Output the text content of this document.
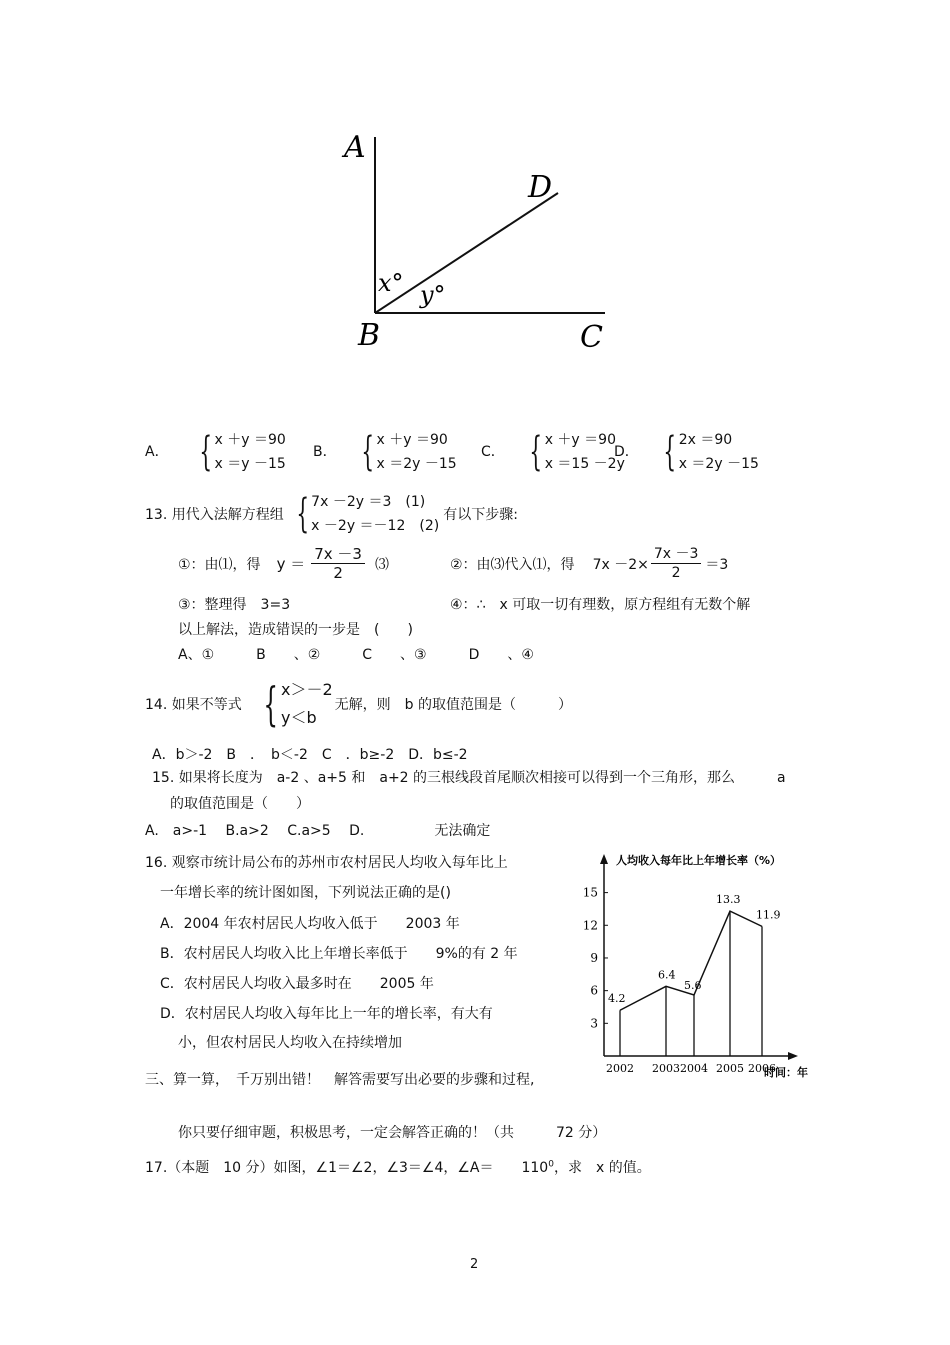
A
B	C
D
x° y°
A． { x ＋y ＝90
x ＝y －15
B． { x ＋y ＝90
x ＝2y －15
C． { x ＋y ＝90
x ＝15 －2y
D． { 2x ＝90
x ＝2y －15
13. 用代入法解方程组 { 7x －2y ＝3　(1)
x －2y ＝－12　(2)
有以下步骤:
①：由⑴，得 $y = \frac{7x -3}{2}$ ⑶	②：由⑶代入⑴，得 $7x -2\times \frac{7x -3}{2} =3$
③：整理得　3=3	④：∴　x 可取一切有理数，原方程组有无数个解
以上解法，造成错误的一步是　(　　)
A、①　　　B　　、②　　　C　　、③　　　D　　、④
14. 如果不等式 { x＞－2
y＜b
无解，则　b 的取值范围是（　　　）
A．b＞-2　B　．　b＜-2　C　．b≥-2　D．b≤-2
15. 如果将长度为　a-2 、a+5 和　a+2 的三根线段首尾顺次相接可以得到一个三角形，那么　　　a
的取值范围是（　　）
A.　a>-1　 B.a>2　 C.a>5　 D.　　　　　无法确定
16. 观察市统计局公布的苏州市农村居民人均收入每年比上
一年增长率的统计图如图，下列说法正确的是()
A．2004 年农村居民人均收入低于　　2003 年
B．农村居民人均收入比上年增长率低于　　9%的有 2 年
C．农村居民人均收入最多时在　　2005 年
D．农村居民人均收入每年比上一年的增长率，有大有
小，但农村居民人均收入在持续增加
人均收入每年比上年增长率（%）
时间：年
3
6
9
12
15
4.2
6.4
5.6
13.3
11.9
2002 2003 2004 2005 2006
三、算一算，　千万别出错！　解答需要写出必要的步骤和过程,
你只要仔细审题，积极思考，一定会解答正确的！（共　　　72 分）
17.（本题　10 分）如图，∠1＝∠2，∠3＝∠4，∠A＝　　$110^0$，求　x 的值。
2
